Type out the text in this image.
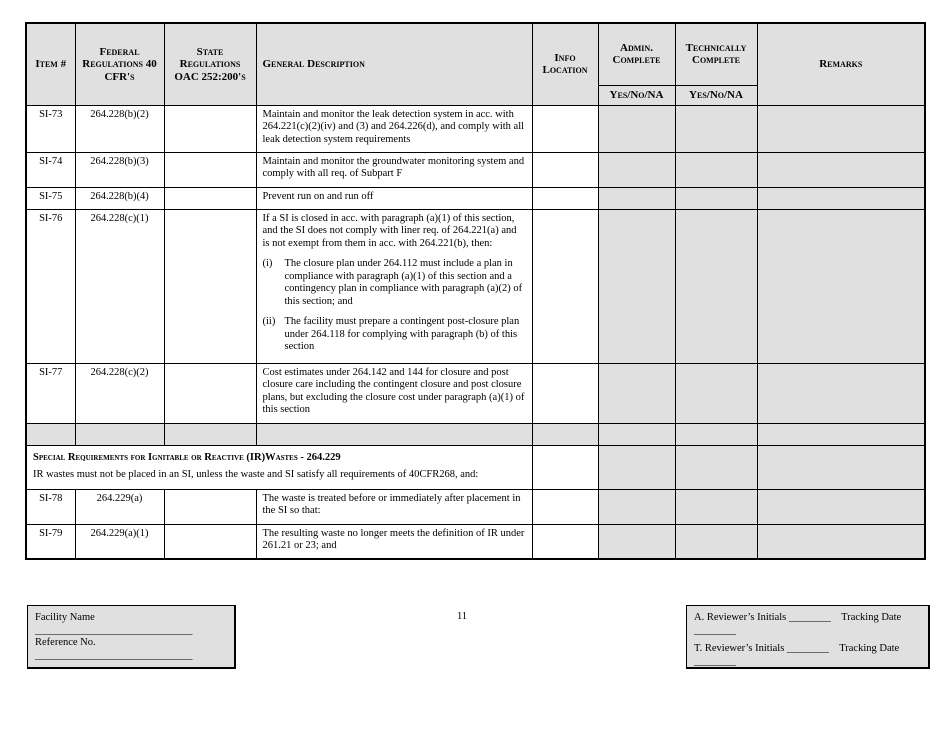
Item #	Federal Regulations 40 CFR's	State Regulations OAC 252:200's	General Description	Info Location	Admin. Complete	Technically Complete	Remarks
					Yes/No/NA	Yes/No/NA	
SI-73	264.228(b)(2)		Maintain and monitor the leak detection system in acc. with 264.221(c)(2)(iv) and (3) and 264.226(d), and comply with all leak detection system requirements				
SI-74	264.228(b)(3)		Maintain and monitor the groundwater monitoring system and comply with all req. of Subpart F				
SI-75	264.228(b)(4)		Prevent run on and run off				
SI-76	264.228(c)(1)		If a SI is closed in acc. with paragraph (a)(1) of this section, and the SI does not comply with liner req. of 264.221(a) and is not exempt from them in acc. with 264.221(b), then:
(i) The closure plan under 264.112 must include a plan in compliance with paragraph (a)(1) of this section and a contingency plan in compliance with paragraph (a)(2) of this section; and
(ii) The facility must prepare a contingent post-closure plan under 264.118 for complying with paragraph (b) of this section				

SI-77	264.228(c)(2)		Cost estimates under 264.142 and 144 for closure and post closure care including the contingent closure and post closure plans, but excluding the closure cost under paragraph (a)(1) of this section				

Special Requirements for Ignitable or Reactive (IR)Wastes - 264.229
IR wastes must not be placed in an SI, unless the waste and SI satisfy all requirements of 40CFR268, and:							

SI-78	264.229(a)		The waste is treated before or immediately after placement in the SI so that:				
SI-79	264.229(a)(1)		The resulting waste no longer meets the definition of IR under 261.21 or 23; and				
Facility Name ______________________________
Reference No. ______________________________
11	A. Reviewer’s Initials ________    Tracking Date ________
T. Reviewer’s Initials ________    Tracking Date ________
